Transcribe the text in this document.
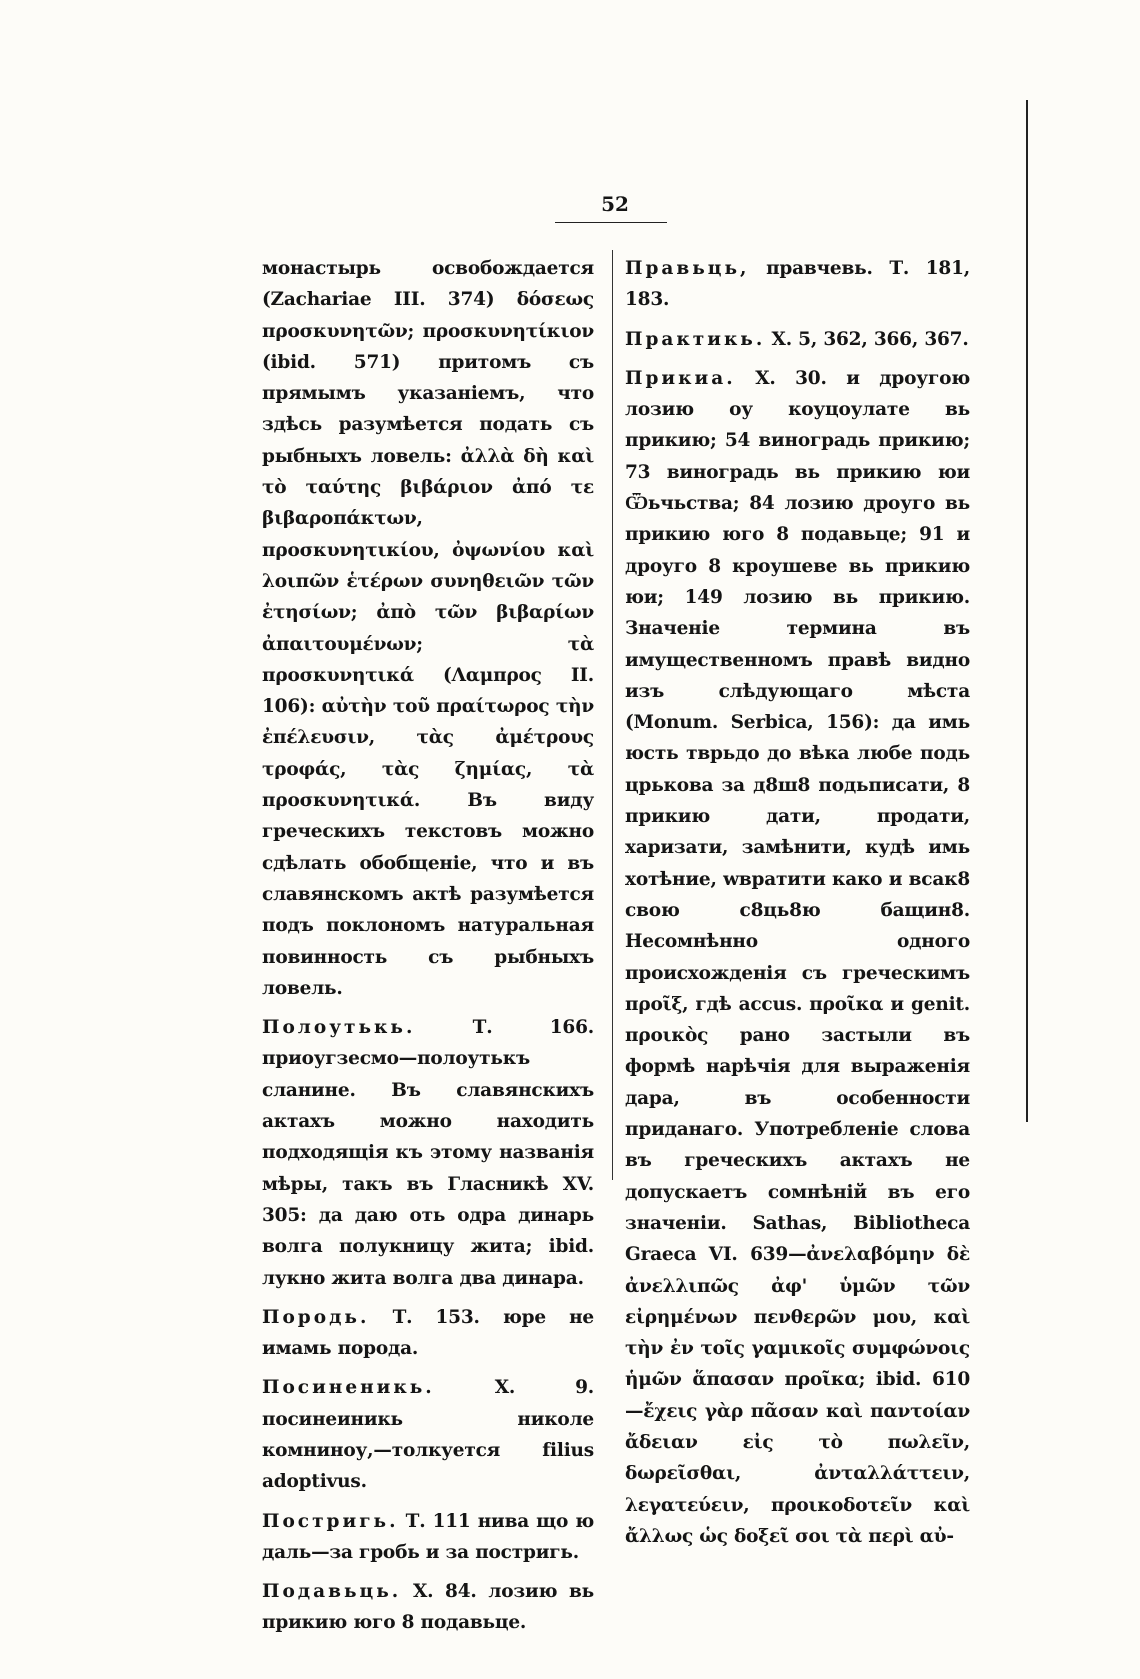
52

монастырь освобождается (Zachariae III. 374) δόσεως προσκυνητῶν; προσκυνητίκιον (ibid. 571) притомъ съ прямымъ указаніемъ, что здѣсь разумѣется подать съ рыбныхъ ловель: ἀλλὰ δὴ καὶ τὸ ταύτης βιβάριον ἀπό τε βιβαροπάκτων, προσκυνητικίου, ὀψωνίου καὶ λοιπῶν ἑτέρων συνηθειῶν τῶν ἐτησίων; ἀπὸ τῶν βιβαρίων ἀπαιτουμένων; τὰ προσκυνητικά (Λαμπρος II. 106): αὐτὴν τοῦ πραίτωρος τὴν ἐπέλευσιν, τὰς ἀμέτρους τροφάς, τὰς ζημίας, τὰ προσκυνητικά. Въ виду греческихъ текстовъ можно сдѣлать обобщеніе, что и въ славянскомъ актѣ разумѣется подъ поклономъ натуральная повинность съ рыбныхъ ловель.

Полоутькь.	Т. 166. приоугзесмо—полоутькъ сланине. Въ славянскихъ актахъ можно находить подходящія къ этому названія мѣры, такъ въ Гласникѣ XV. 305: да даю оть одра динарь волга полукницу жита; ibid. лукно жита волга два динара.

Породь. Т. 153. юре не имамь порода.

Посиненикь.	Х. 9. посинеиникь николе комниноу,—толкуется filius adoptivus.

Постригь. Т. 111 нива що ю даль—за гробь и за постригь.

Подавьць. Х. 84. лозию вь прикию юго 8 подавьце.

Правьць, правчевь. Т. 181, 183.

Практикь. Х. 5, 362, 366, 367.

Прикиа. Х. 30. и дроугою лозию оу коуцоулате вь прикию; 54 виноградь прикию; 73 виноградь вь прикию юи Ѿьчьства; 84 лозию дроуго вь прикию юго 8 подавьце; 91 и дроуго 8 кроушеве вь прикию юи; 149 лозию вь прикию. Значеніе термина въ имущественномъ правѣ видно изъ слѣдующаго мѣста (Monum. Serbica, 156): да имь юсть тврьдо до вѣка любе подь црькова за д8ш8 подьписати, 8 прикию дати, продати, харизати, замѣнити, кудѣ имь хотѣние, wвратити како и всак8 свою с8ць8ю бащин8. Несомнѣнно одного происхожденія съ греческимъ προῖξ, гдѣ accus. προῖκα и genit. προικὸς рано застыли въ формѣ нарѣчія для выраженія дара, въ особенности приданаго. Употребленіе слова въ греческихъ актахъ не допускаетъ сомнѣній въ его значеніи. Sathas, Bibliotheca Graeca VI. 639—ἀνελαβόμην δὲ ἀνελλιπῶς ἀφ' ὑμῶν τῶν εἰρημένων πενθερῶν μου, καὶ τὴν ἐν τοῖς γαμικοῖς συμφώνοις ἡμῶν ἅπασαν προῖκα; ibid. 610—ἔχεις γὰρ πᾶσαν καὶ παντοίαν ἄδειαν εἰς τὸ πωλεῖν, δωρεῖσθαι, ἀνταλλάττειν, λεγατεύειν, προικοδοτεῖν καὶ ἄλλως ὡς δοξεῖ σοι τὰ περὶ αὐ-
